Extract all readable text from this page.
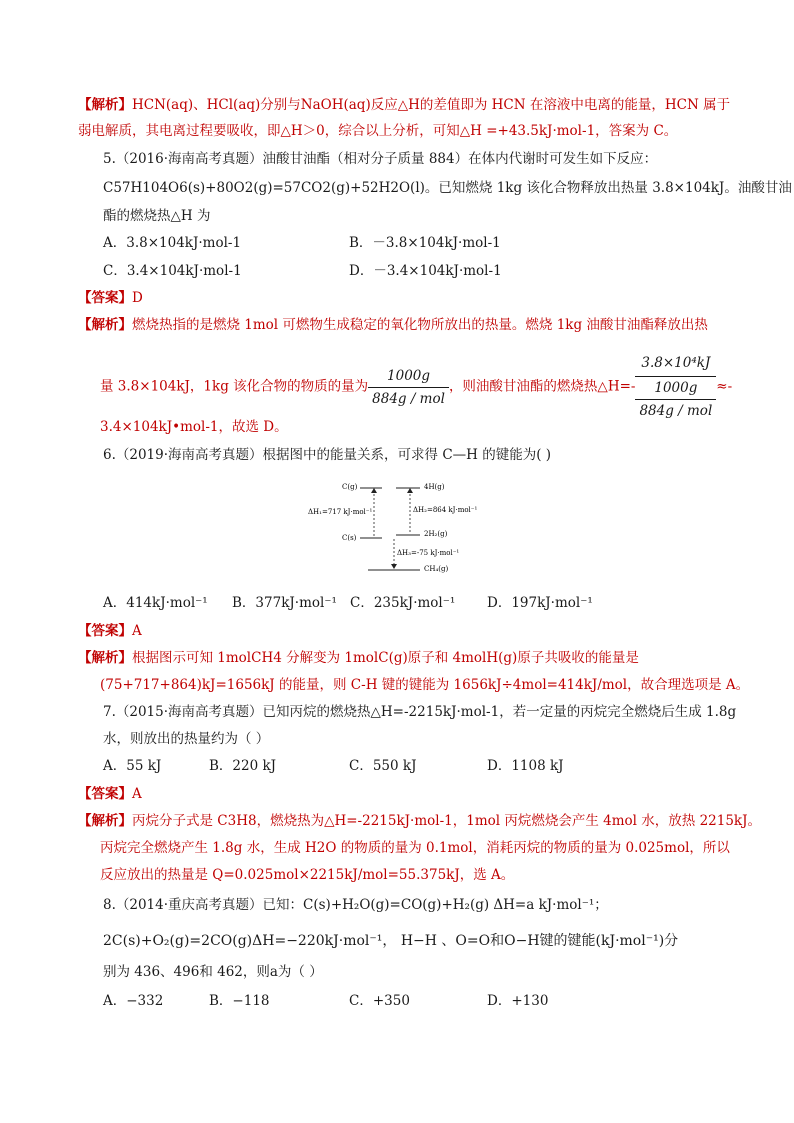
【解析】HCN(aq)、HCl(aq)分别与NaOH(aq)反应△H的差值即为 HCN 在溶液中电离的能量，HCN 属于
弱电解质，其电离过程要吸收，即△H＞0，综合以上分析，可知△H =+43.5kJ·mol-1，答案为 C。
5.（2016·海南高考真题）油酸甘油酯（相对分子质量 884）在体内代谢时可发生如下反应：
C57H104O6(s)+80O2(g)=57CO2(g)+52H2O(l)。已知燃烧 1kg 该化合物释放出热量 3.8×104kJ。油酸甘油
酯的燃烧热△H 为
A．3.8×104kJ·mol-1	B．－3.8×104kJ·mol-1
C．3.4×104kJ·mol-1	D．－3.4×104kJ·mol-1
【答案】D
【解析】燃烧热指的是燃烧 1mol 可燃物生成稳定的氧化物所放出的热量。燃烧 1kg 油酸甘油酯释放出热
量 3.8×104kJ，1kg 该化合物的物质的量为 $\frac{1000g}{\text{884g / mol}}$ ，则油酸甘油酯的燃烧热△H=-
3.8×10⁴kJ
1000g
884g / mol
≈-
3.4×104kJ•mol-1，故选 D。
6.（2019·海南高考真题）根据图中的能量关系，可求得 C—H 的键能为( )
C(g)	4H(g)
ΔH₁=717 kJ·mol⁻¹	ΔH₂=864 kJ·mol⁻¹
C(s)	2H₂(g)
ΔH₃=-75 kJ·mol⁻¹
CH₄(g)
A．414kJ·mol⁻¹ B．377kJ·mol⁻¹ C．235kJ·mol⁻¹ D．197kJ·mol⁻¹
【答案】A
【解析】根据图示可知 1molCH4 分解变为 1molC(g)原子和 4molH(g)原子共吸收的能量是
(75+717+864)kJ=1656kJ 的能量，则 C-H 键的键能为 1656kJ÷4mol=414kJ/mol，故合理选项是 A。
7.（2015·海南高考真题）已知丙烷的燃烧热△H=-2215kJ·mol-1，若一定量的丙烷完全燃烧后生成 1.8g
水，则放出的热量约为（ ）
A．55 kJ	B．220 kJ	C．550 kJ	D．1108 kJ
【答案】A
【解析】丙烷分子式是 C3H8，燃烧热为△H=-2215kJ·mol-1，1mol 丙烷燃烧会产生 4mol 水，放热 2215kJ。
丙烷完全燃烧产生 1.8g 水，生成 H2O 的物质的量为 0.1mol，消耗丙烷的物质的量为 0.025mol，所以
反应放出的热量是 Q=0.025mol×2215kJ/mol=55.375kJ，选 A。
8.（2014·重庆高考真题）已知：C(s)+H₂O(g)=CO(g)+H₂(g) ΔH=a kJ·mol⁻¹；
2C(s)+O₂(g)=2CO(g)ΔH=−220kJ·mol⁻¹， H−H 、O=O和O−H键的键能(kJ·mol⁻¹)分
别为 436、496和 462，则a为（ ）
A．−332	B．−118	C．+350	D．+130
